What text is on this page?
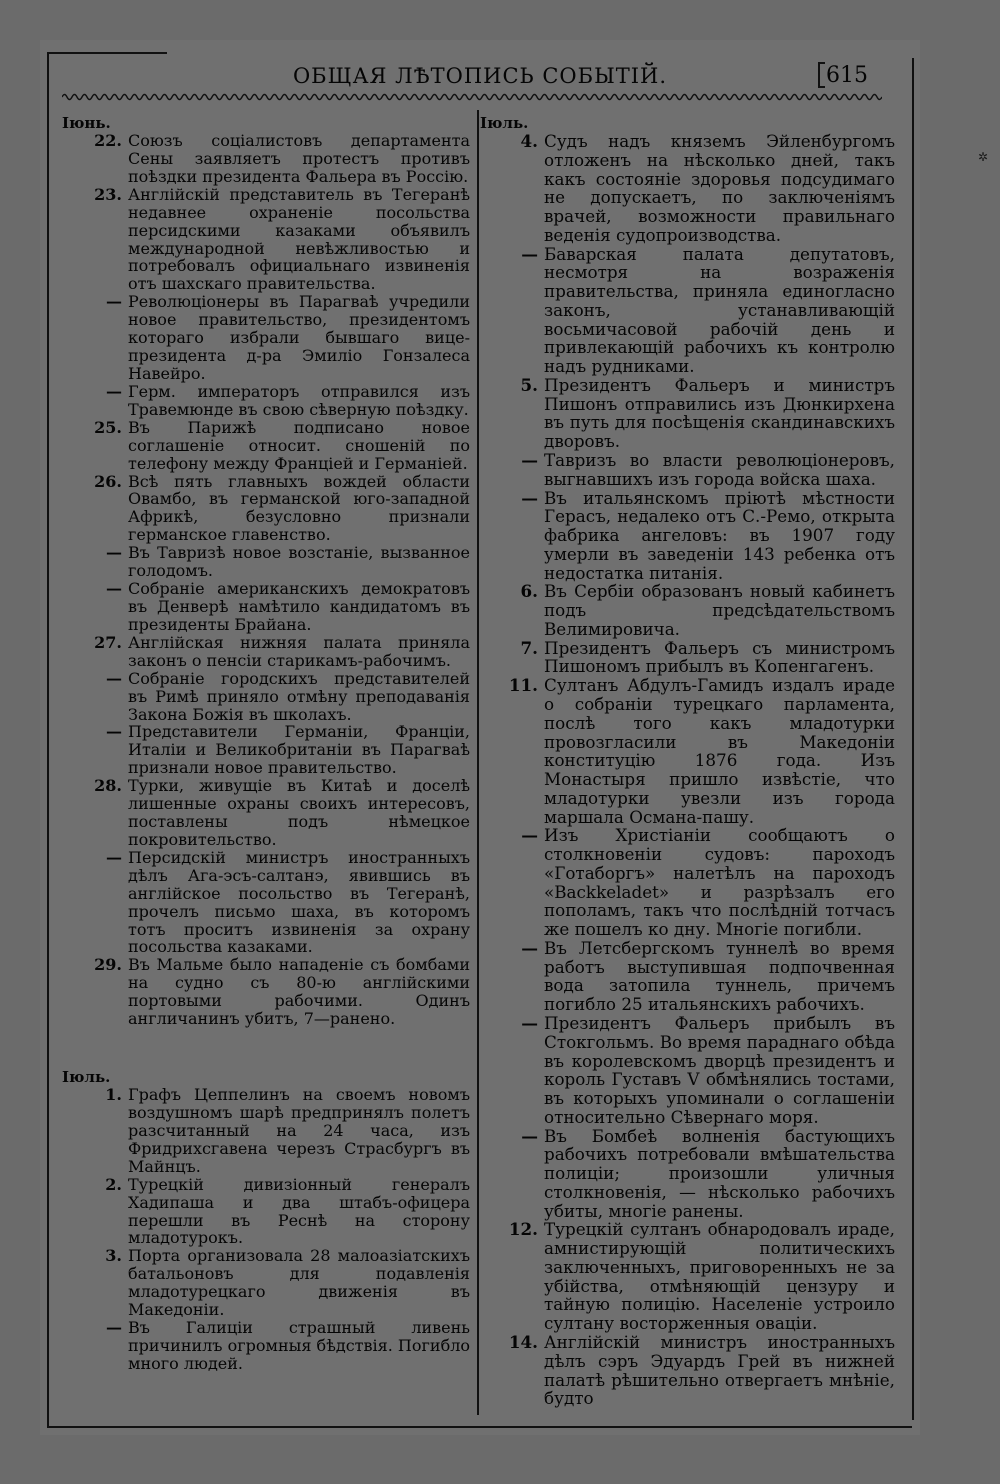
ОБЩАЯ ЛѢТОПИСЬ СОБЫТІЙ.	615
Іюнь.
22. Союзъ соціалистовъ департамента Сены заявляетъ протестъ противъ поѣздки президента Фальера въ Россію.
23. Англійскій представитель въ Тегеранѣ недавнее охраненіе посольства персидскими казаками объявилъ международной невѣжливостью и потребовалъ официальнаго извиненія отъ шахскаго правительства.
— Революціонеры въ Парагваѣ учредили новое правительство, президентомъ котораго избрали бывшаго вице-президента д-ра Эмиліо Гонзалеса Навейро.
— Герм. императоръ отправился изъ Травемюнде въ свою сѣверную поѣздку.
25. Въ Парижѣ подписано новое соглашеніе относит. сношеній по телефону между Франціей и Германіей.
26. Всѣ пять главныхъ вождей области Овамбо, въ германской юго-западной Африкѣ, безусловно признали германское главенство.
— Въ Тавризѣ новое возстаніе, вызванное голодомъ.
— Собраніе американскихъ демократовъ въ Денверѣ намѣтило кандидатомъ въ президенты Брайана.
27. Англійская нижняя палата приняла законъ о пенсіи старикамъ-рабочимъ.
— Собраніе городскихъ представителей въ Римѣ приняло отмѣну преподаванія Закона Божія въ школахъ.
— Представители Германіи, Франціи, Италіи и Великобританіи въ Парагваѣ признали новое правительство.
28. Турки, живущіе въ Китаѣ и доселѣ лишенные охраны своихъ интересовъ, поставлены подъ нѣмецкое покровительство.
— Персидскій министръ иностранныхъ дѣлъ Ага-эсъ-салтанэ, явившись въ англійское посольство въ Тегеранѣ, прочелъ письмо шаха, въ которомъ тотъ проситъ извиненія за охрану посольства казаками.
29. Въ Мальме было нападеніе съ бомбами на судно съ 80-ю англійскими портовыми рабочими. Одинъ англичанинъ убитъ, 7—ранено.
Іюль.
1. Графъ Цеппелинъ на своемъ новомъ воздушномъ шарѣ предпринялъ полетъ разсчитанный на 24 часа, изъ Фридрихсгавена черезъ Страсбургъ въ Майнцъ.
2. Турецкій дивизіонный генералъ Хадипаша и два штабъ-офицера перешли въ Реснѣ на сторону младотурокъ.
3. Порта организовала 28 малоазіатскихъ батальоновъ для подавленія младотурецкаго движенія въ Македоніи.
— Въ Галиціи страшный ливень причинилъ огромныя бѣдствія. Погибло много людей.
Іюль.
4. Судъ надъ княземъ Эйленбургомъ отложенъ на нѣсколько дней, такъ какъ состояніе здоровья подсудимаго не допускаетъ, по заключеніямъ врачей, возможности правильнаго веденія судопроизводства.
— Баварская палата депутатовъ, несмотря на возраженія правительства, приняла единогласно законъ, устанавливающій восьмичасовой рабочій день и привлекающій рабочихъ къ контролю надъ рудниками.
5. Президентъ Фальеръ и министръ Пишонъ отправились изъ Дюнкирхена въ путь для посѣщенія скандинавскихъ дворовъ.
— Тавризъ во власти революціонеровъ, выгнавшихъ изъ города войска шаха.
— Въ итальянскомъ пріютѣ мѣстности Герасъ, недалеко отъ С.-Ремо, открыта фабрика ангеловъ: въ 1907 году умерли въ заведеніи 143 ребенка отъ недостатка питанія.
6. Въ Сербіи образованъ новый кабинетъ подъ предсѣдательствомъ Велимировича.
7. Президентъ Фальеръ съ министромъ Пишономъ прибылъ въ Копенгагенъ.
11. Султанъ Абдулъ-Гамидъ издалъ ираде о собраніи турецкаго парламента, послѣ того какъ младотурки провозгласили въ Македоніи конституцію 1876 года. Изъ Монастыря пришло извѣстіе, что младотурки увезли изъ города маршала Османа-пашу.
— Изъ Христіаніи сообщаютъ о столкновеніи судовъ: пароходъ «Готаборгъ» налетѣлъ на пароходъ «Backkeladet» и разрѣзалъ его пополамъ, такъ что послѣдній тотчасъ же пошелъ ко дну. Многіе погибли.
— Въ Летсбергскомъ туннелѣ во время работъ выступившая подпочвенная вода затопила туннель, причемъ погибло 25 итальянскихъ рабочихъ.
— Президентъ Фальеръ прибылъ въ Стокгольмъ. Во время параднаго обѣда въ королевскомъ дворцѣ президентъ и король Густавъ V обмѣнялись тостами, въ которыхъ упоминали о соглашеніи относительно Сѣвернаго моря.
— Въ Бомбеѣ волненія бастующихъ рабочихъ потребовали вмѣшательства полиціи; произошли уличныя столкновенія, — нѣсколько рабочихъ убиты, многіе ранены.
12. Турецкій султанъ обнародовалъ ираде, амнистирующій политическихъ заключенныхъ, приговоренныхъ не за убійства, отмѣняющій цензуру и тайную полицію. Населеніе устроило султану восторженныя оваціи.
14. Англійскій министръ иностранныхъ дѣлъ сэръ Эдуардъ Грей въ нижней палатѣ рѣшительно отвергаетъ мнѣніе, будто
✲
